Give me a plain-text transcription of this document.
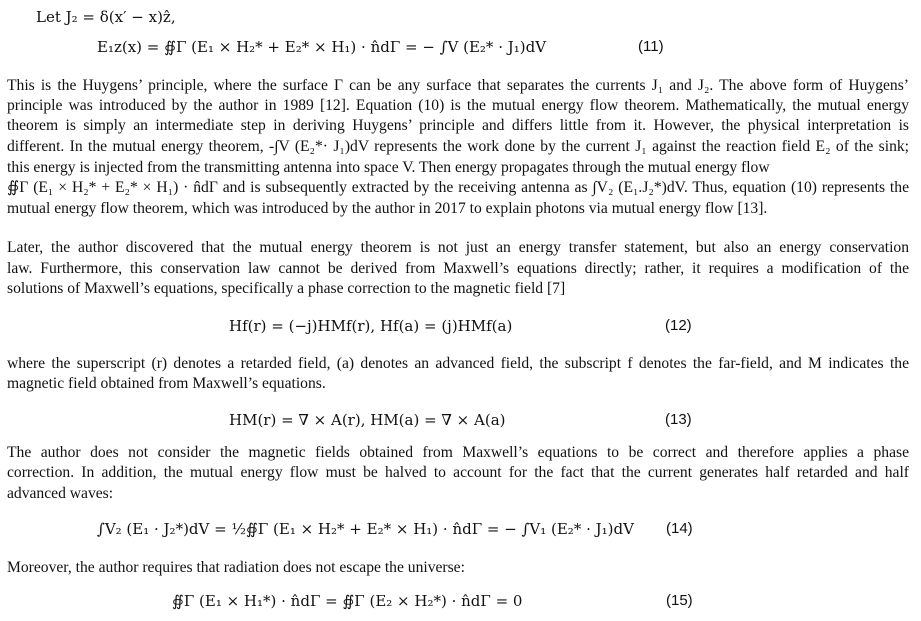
Let J₂ = δ(x′ − x)ẑ,
E₁z(x) = ∯Γ (E₁ × H₂* + E₂* × H₁) · n̂dΓ = − ∫V (E₂* · J₁)dV	(11)
This is the Huygens’ principle, where the surface Γ can be any surface that separates the currents J₁ and J₂. The above form of Huygens’
principle was introduced by the author in 1989 [12]. Equation (10) is the mutual energy flow theorem. Mathematically, the mutual energy
theorem is simply an intermediate step in deriving Huygens’ principle and differs little from it. However, the physical interpretation is
different. In the mutual energy theorem, -∫V (E₂*· J₁)dV represents the work done by the current J₁ against the reaction field E₂ of the sink;
this energy is injected from the transmitting antenna into space V. Then energy propagates through the mutual energy flow
∯Γ (E₁ × H₂* + E₂* × H₁) · n̂dΓ and is subsequently extracted by the receiving antenna as ∫V₂ (E₁.J₂*)dV. Thus, equation (10) represents the
mutual energy flow theorem, which was introduced by the author in 2017 to explain photons via mutual energy flow [13].
Later, the author discovered that the mutual energy theorem is not just an energy transfer statement, but also an energy conservation
law. Furthermore, this conservation law cannot be derived from Maxwell’s equations directly; rather, it requires a modification of the
solutions of Maxwell’s equations, specifically a phase correction to the magnetic field [7]
Hf(r) = (−j)HMf(r), Hf(a) = (j)HMf(a)	(12)
where the superscript (r) denotes a retarded field, (a) denotes an advanced field, the subscript f denotes the far-field, and M indicates the
magnetic field obtained from Maxwell’s equations.
HM(r) = ∇ × A(r), HM(a) = ∇ × A(a)	(13)
The author does not consider the magnetic fields obtained from Maxwell’s equations to be correct and therefore applies a phase
correction. In addition, the mutual energy flow must be halved to account for the fact that the current generates half retarded and half
advanced waves:
∫V₂ (E₁ · J₂*)dV = ½∯Γ (E₁ × H₂* + E₂* × H₁) · n̂dΓ = − ∫V₁ (E₂* · J₁)dV (14)
Moreover, the author requires that radiation does not escape the universe:
∯Γ (E₁ × H₁*) · n̂dΓ = ∯Γ (E₂ × H₂*) · n̂dΓ = 0	(15)
